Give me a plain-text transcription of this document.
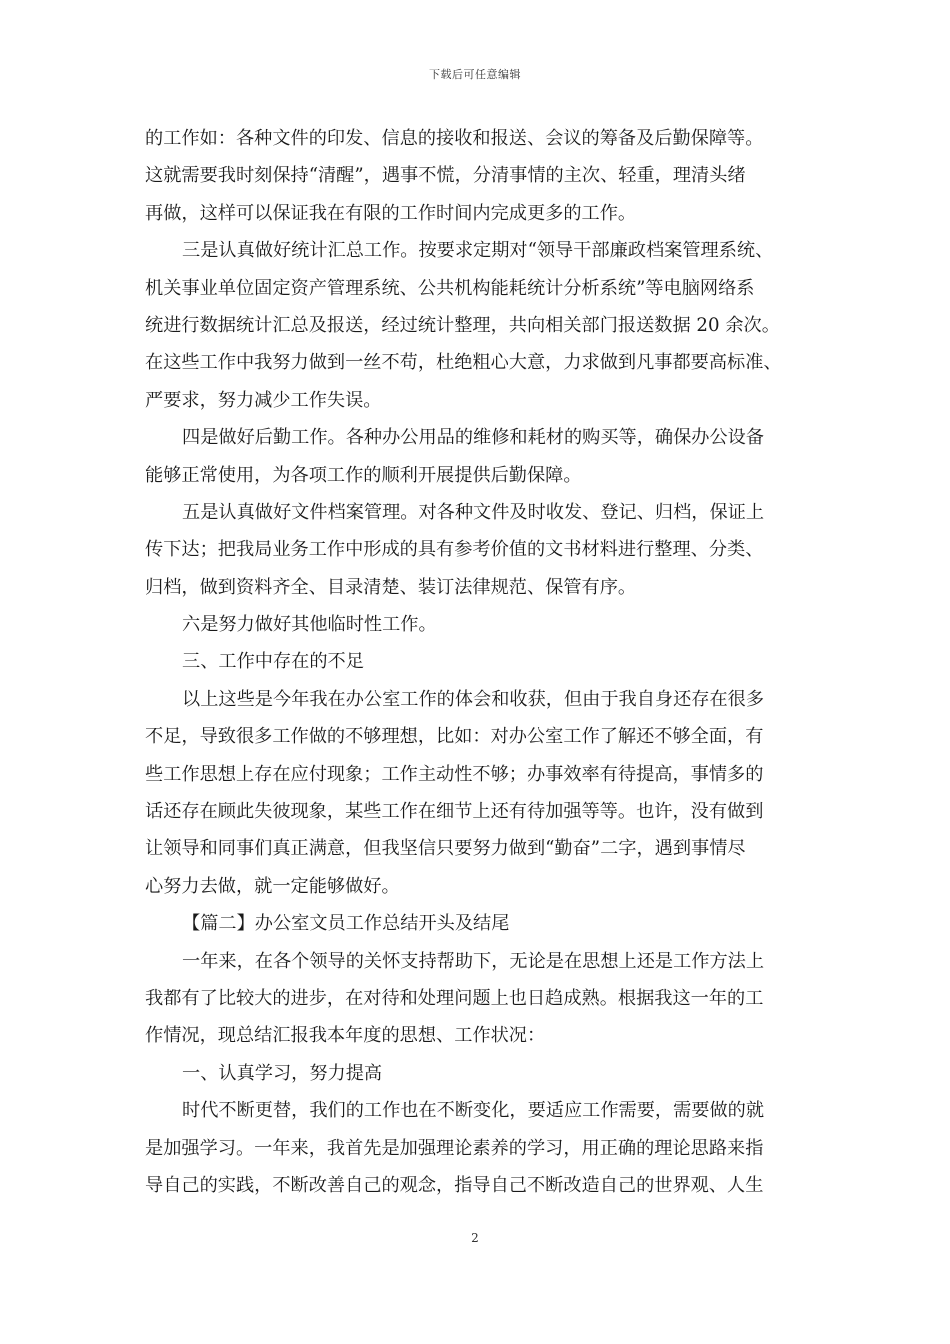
下载后可任意编辑
的工作如：各种文件的印发、信息的接收和报送、会议的筹备及后勤保障等。
这就需要我时刻保持“清醒”，遇事不慌，分清事情的主次、轻重，理清头绪
再做，这样可以保证我在有限的工作时间内完成更多的工作。
三是认真做好统计汇总工作。按要求定期对“领导干部廉政档案管理系统、
机关事业单位固定资产管理系统、公共机构能耗统计分析系统”等电脑网络系
统进行数据统计汇总及报送，经过统计整理，共向相关部门报送数据 20 余次。
在这些工作中我努力做到一丝不苟，杜绝粗心大意，力求做到凡事都要高标准、
严要求，努力减少工作失误。
四是做好后勤工作。各种办公用品的维修和耗材的购买等，确保办公设备
能够正常使用，为各项工作的顺利开展提供后勤保障。
五是认真做好文件档案管理。对各种文件及时收发、登记、归档，保证上
传下达；把我局业务工作中形成的具有参考价值的文书材料进行整理、分类、
归档，做到资料齐全、目录清楚、装订法律规范、保管有序。
六是努力做好其他临时性工作。
三、工作中存在的不足
以上这些是今年我在办公室工作的体会和收获，但由于我自身还存在很多
不足，导致很多工作做的不够理想，比如：对办公室工作了解还不够全面，有
些工作思想上存在应付现象；工作主动性不够；办事效率有待提高，事情多的
话还存在顾此失彼现象，某些工作在细节上还有待加强等等。也许，没有做到
让领导和同事们真正满意，但我坚信只要努力做到“勤奋”二字，遇到事情尽
心努力去做，就一定能够做好。
【篇二】办公室文员工作总结开头及结尾
一年来，在各个领导的关怀支持帮助下，无论是在思想上还是工作方法上
我都有了比较大的进步，在对待和处理问题上也日趋成熟。根据我这一年的工
作情况，现总结汇报我本年度的思想、工作状况：
一、认真学习，努力提高
时代不断更替，我们的工作也在不断变化，要适应工作需要，需要做的就
是加强学习。一年来，我首先是加强理论素养的学习，用正确的理论思路来指
导自己的实践，不断改善自己的观念，指导自己不断改造自己的世界观、人生
2
